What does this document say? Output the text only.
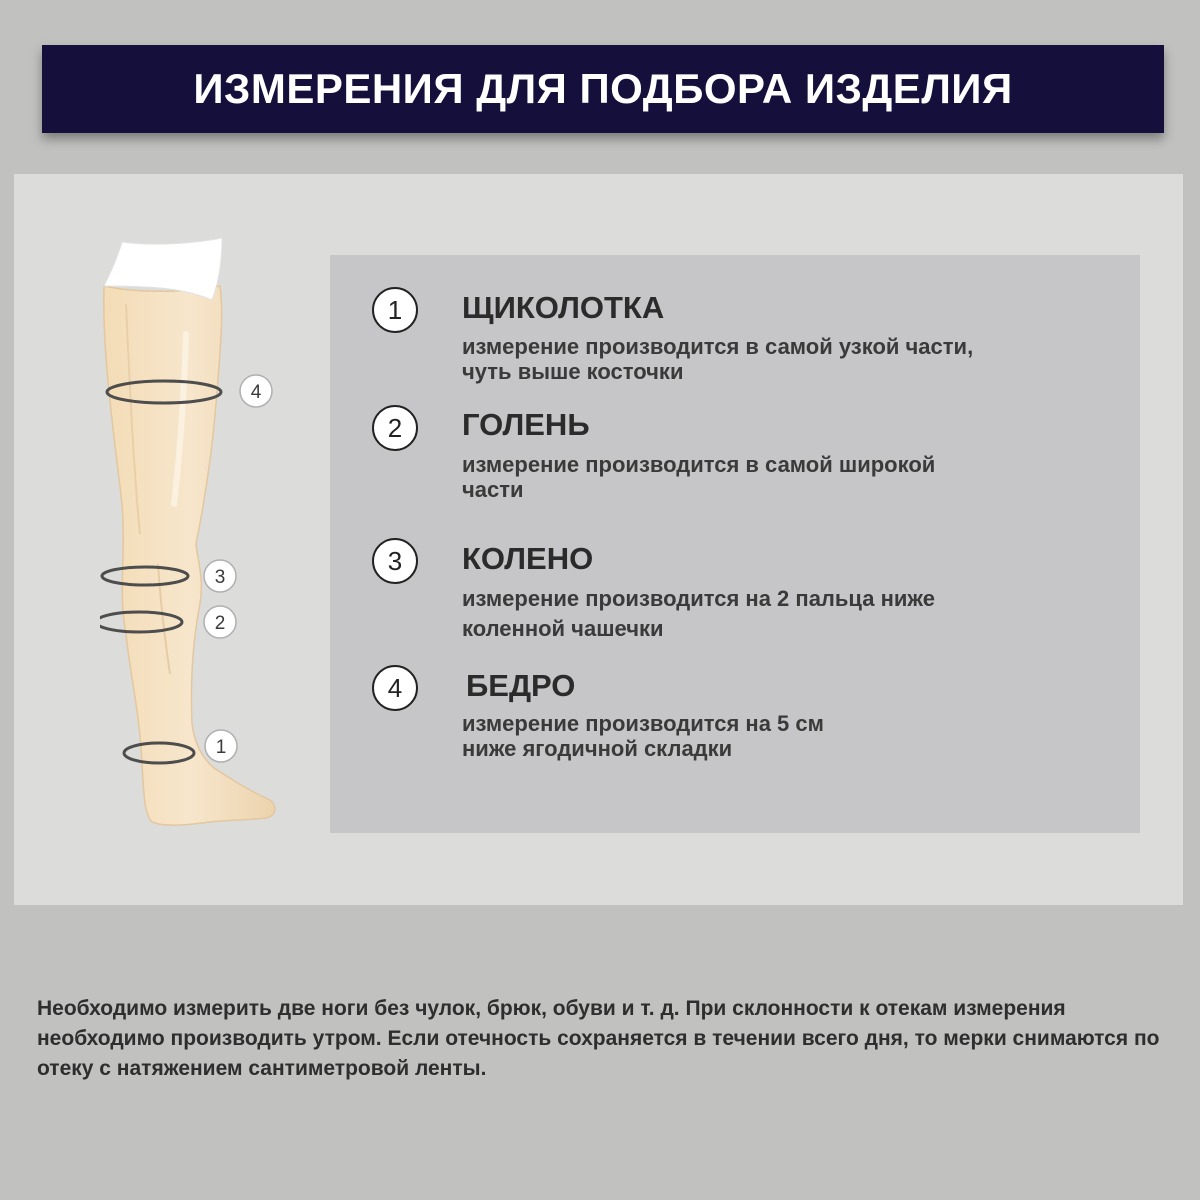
ИЗМЕРЕНИЯ ДЛЯ ПОДБОРА ИЗДЕЛИЯ
4
3
2
1
1	ЩИКОЛОТКА

измерение производится в самой узкой части, чуть выше косточки

2	ГОЛЕНЬ

измерение производится в самой широкой части

3	КОЛЕНО

измерение производится на 2 пальца ниже коленной чашечки

4	БЕДРО

измерение производится на 5 см ниже ягодичной складки

Необходимо измерить две ноги без чулок, брюк, обуви и т. д. При склонности к отекам измерения необходимо производить утром. Если отечность сохраняется в течении всего дня, то мерки снимаются по отеку с натяжением сантиметровой ленты.
